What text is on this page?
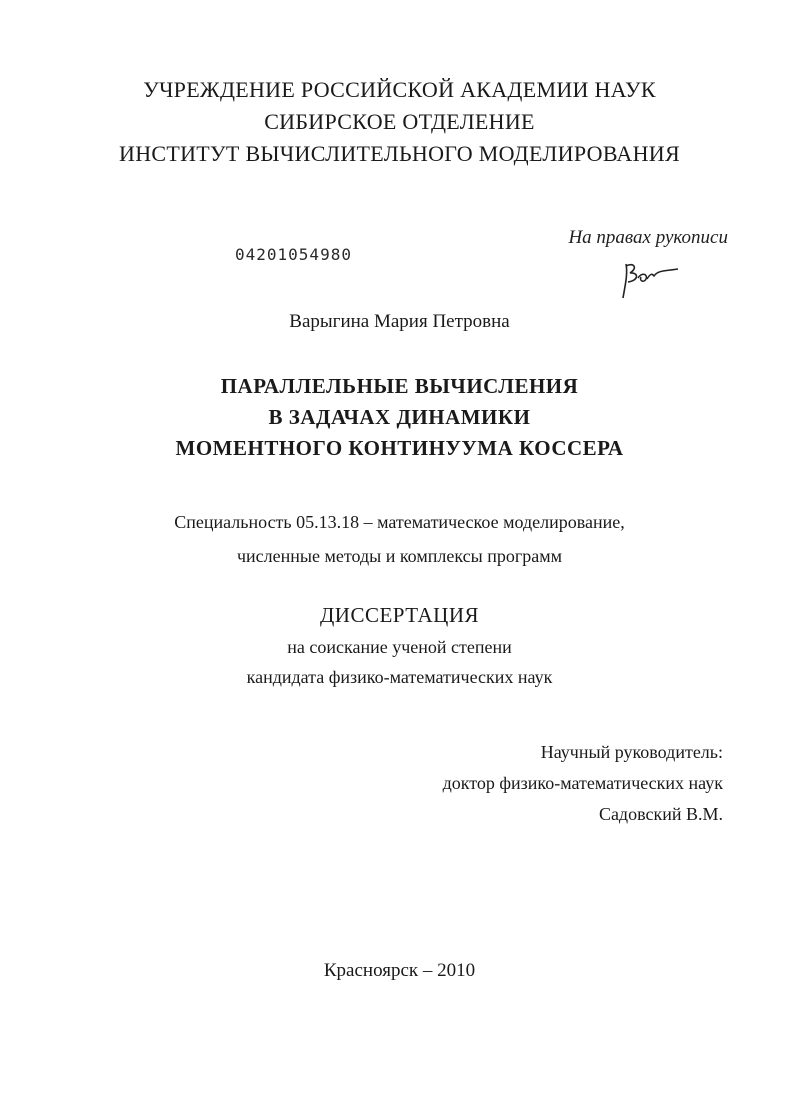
УЧРЕЖДЕНИЕ РОССИЙСКОЙ АКАДЕМИИ НАУК
СИБИРСКОЕ ОТДЕЛЕНИЕ
ИНСТИТУТ ВЫЧИСЛИТЕЛЬНОГО МОДЕЛИРОВАНИЯ
04201054980
На правах рукописи
Варыгина Мария Петровна
ПАРАЛЛЕЛЬНЫЕ ВЫЧИСЛЕНИЯ
В ЗАДАЧАХ ДИНАМИКИ
МОМЕНТНОГО КОНТИНУУМА КОССЕРА
Специальность 05.13.18 – математическое моделирование,
численные методы и комплексы программ
ДИССЕРТАЦИЯ
на соискание ученой степени
кандидата физико-математических наук
Научный руководитель:
доктор физико-математических наук
Садовский В.М.
Красноярск – 2010
